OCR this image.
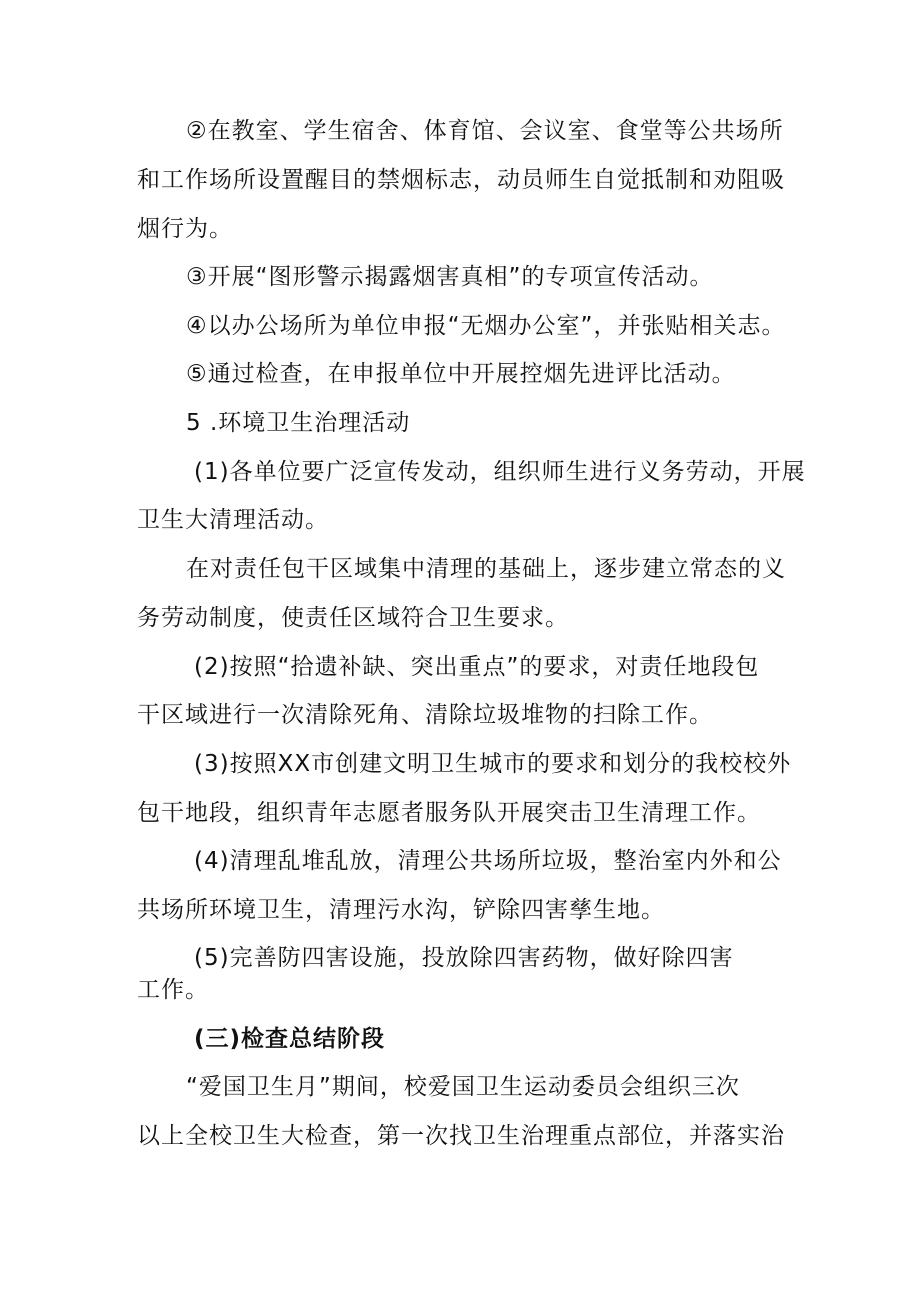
②在教室、学生宿舍、体育馆、会议室、食堂等公共场所
和工作场所设置醒目的禁烟标志，动员师生自觉抵制和劝阻吸
烟行为。
③开展“图形警示揭露烟害真相”的专项宣传活动。
④以办公场所为单位申报“无烟办公室”，并张贴相关志。
⑤通过检查，在申报单位中开展控烟先进评比活动。
5 .环境卫生治理活动
(1)各单位要广泛宣传发动，组织师生进行义务劳动，开展
卫生大清理活动。
在对责任包干区域集中清理的基础上，逐步建立常态的义
务劳动制度，使责任区域符合卫生要求。
(2)按照“拾遗补缺、突出重点”的要求，对责任地段包
干区域进行一次清除死角、清除垃圾堆物的扫除工作。
(3)按照XX市创建文明卫生城市的要求和划分的我校校外
包干地段，组织青年志愿者服务队开展突击卫生清理工作。
(4)清理乱堆乱放，清理公共场所垃圾，整治室内外和公
共场所环境卫生，清理污水沟，铲除四害孳生地。
(5)完善防四害设施，投放除四害药物，做好除四害
工作。
(三)检查总结阶段
“爱国卫生月”期间，校爱国卫生运动委员会组织三次
以上全校卫生大检查，第一次找卫生治理重点部位，并落实治
